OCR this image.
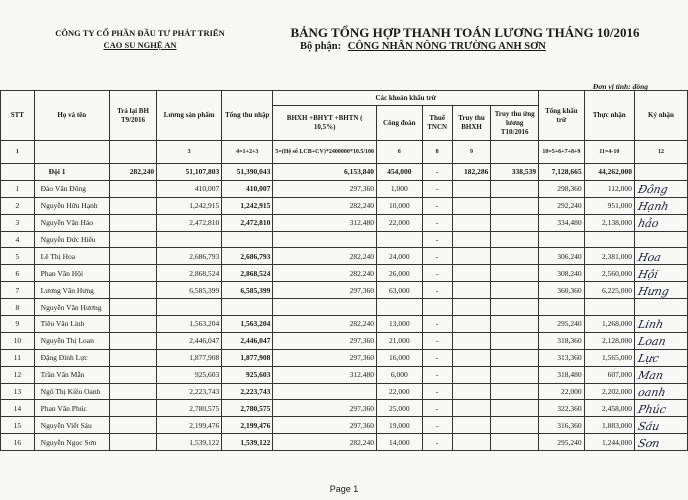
CÔNG TY CỔ PHẦN ĐẦU TƯ PHÁT TRIỂN
CAO SU NGHỆ AN
BẢNG TỔNG HỢP THANH TOÁN LƯƠNG THÁNG 10/2016
Bộ phận: CÔNG NHÂN NÔNG TRƯỜNG ANH SƠN
Đơn vị tính: đồng
STT	Họ và tên	Trả lại BH T9/2016	Lương sản phẩm	Tổng thu nhập	Các khoản khấu trừ					Tổng khấu trừ	Thực nhận	Ký nhận
					BHXH +BHYT +BHTN ( 10,5%)	Công đoàn	Thuế TNCN	Truy thu BHXH	Truy thu ứng lương T10/2016			
1			3	4=1+2+3	5=(Hệ số LCB+CV)*2400000*10.5/100	6	8	9		10=5+6+7+8+9	11=4-10	12
	Đội 1	282,240	51,107,803	51,390,043	6,153,840	454,000	-	182,286	338,539	7,128,665	44,262,000	
1	Đào Văn Đông		410,007	410,007	297,360	1,000	-			298,360	112,000	Đông

2	Nguyễn Hữu Hạnh		1,242,915	1,242,915	282,240	10,000	-			292,240	951,000	Hạnh

3	Nguyễn Văn Hảo		2,472,810	2,472,810	312,480	22,000	-			334,480	2,138,000	hảo

4	Nguyễn Đức Hiếu						-					
5	Lê Thị Hoa		2,686,793	2,686,793	282,240	24,000	-			306,240	2,381,000	Hoa

6	Phan Văn Hội		2,868,524	2,868,524	282,240	26,000	-			308,240	2,560,000	Hội

7	Lương Văn Hưng		6,585,399	6,585,399	297,360	63,000	-			360,360	6,225,000	Hưng

8	Nguyễn Văn Hương											
9	Tiêu Văn Linh		1,563,204	1,563,204	282,240	13,000	-			295,240	1,268,000	Linh

10	Nguyễn Thị Loan		2,446,047	2,446,047	297,360	21,000	-			318,360	2,128,000	Loan

11	Đặng Đình Lực		1,877,908	1,877,908	297,360	16,000	-			313,360	1,565,000	Lực

12	Trần Văn Mẫn		925,603	925,603	312,480	6,000	-			318,480	607,000	Man

13	Ngô Thị Kiều Oanh		2,223,743	2,223,743		22,000	-			22,000	2,202,000	oanh

14	Phan Văn Phúc		2,780,575	2,780,575	297,360	25,000	-			322,360	2,458,000	Phúc

15	Nguyễn Viết Sáu		2,199,476	2,199,476	297,360	19,000	-			316,360	1,883,000	Sáu

16	Nguyễn Ngọc Sơn		1,539,122	1,539,122	282,240	14,000	-			295,240	1,244,000	Sơn
Page 1
